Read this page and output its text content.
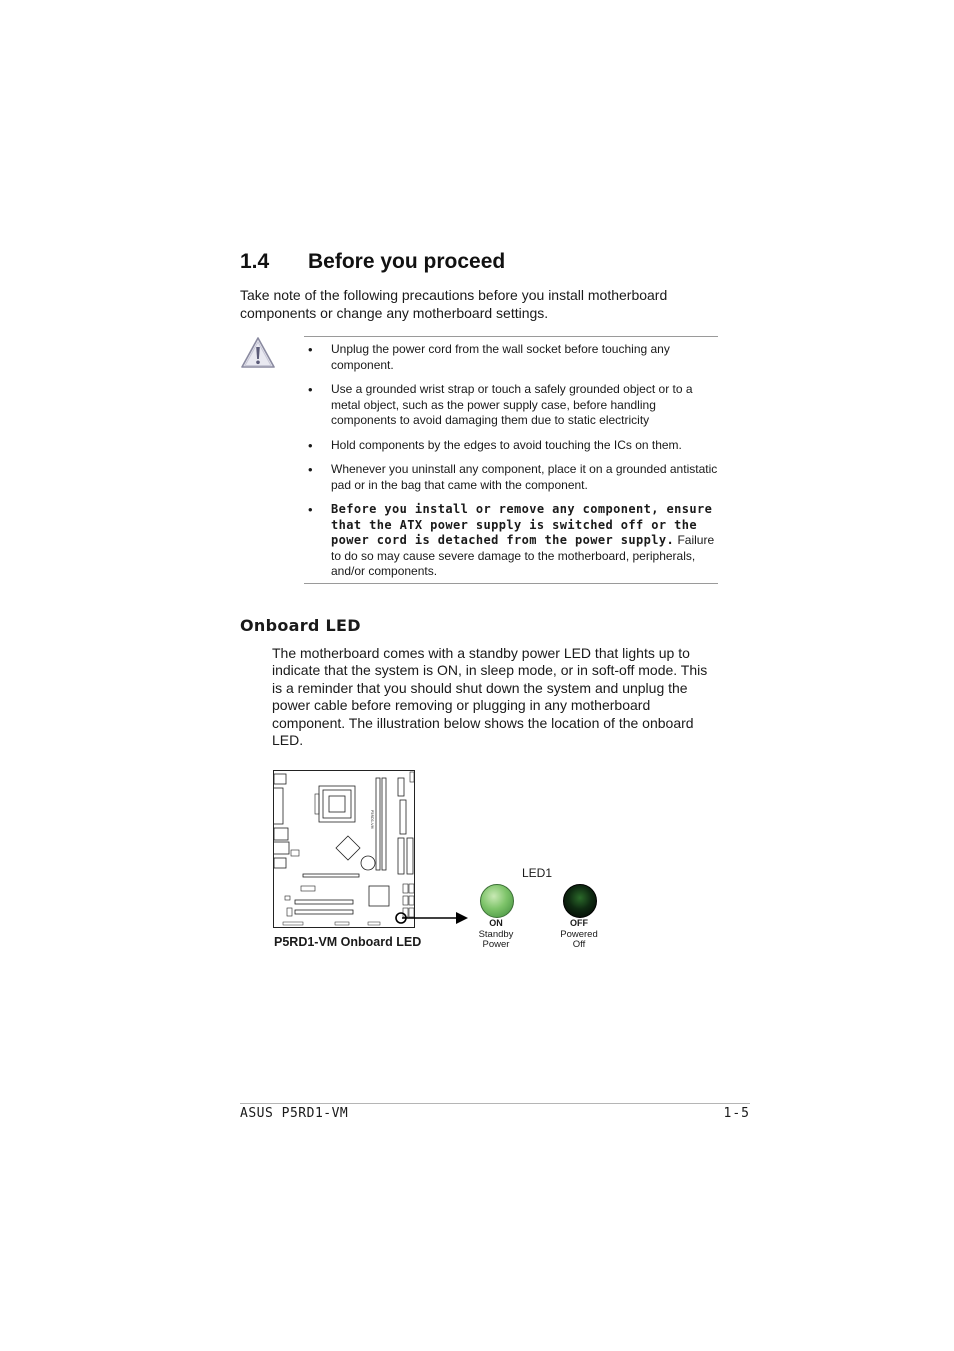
1.4 Before you proceed

Take note of the following precautions before you install motherboard components or change any motherboard settings.

• Unplug the power cord from the wall socket before touching any component.
• Use a grounded wrist strap or touch a safely grounded object or to a metal object, such as the power supply case, before handling components to avoid damaging them due to static electricity
• Hold components by the edges to avoid touching the ICs on them.
• Whenever you uninstall any component, place it on a grounded antistatic pad or in the bag that came with the component.
• Before you install or remove any component, ensure that the ATX power supply is switched off or the power cord is detached from the power supply. Failure to do so may cause severe damage to the motherboard, peripherals, and/or components.
Onboard LED

The motherboard comes with a standby power LED that lights up to indicate that the system is ON, in sleep mode, or in soft-off mode. This is a reminder that you should shut down the system and unplug the power cable before removing or plugging in any motherboard component. The illustration below shows the location of the onboard LED.

P5RD1-VM
P5RD1-VM Onboard LED
LED1
ON
Standby
Power
OFF
Powered
Off
ASUS P5RD1-VM	1-5
